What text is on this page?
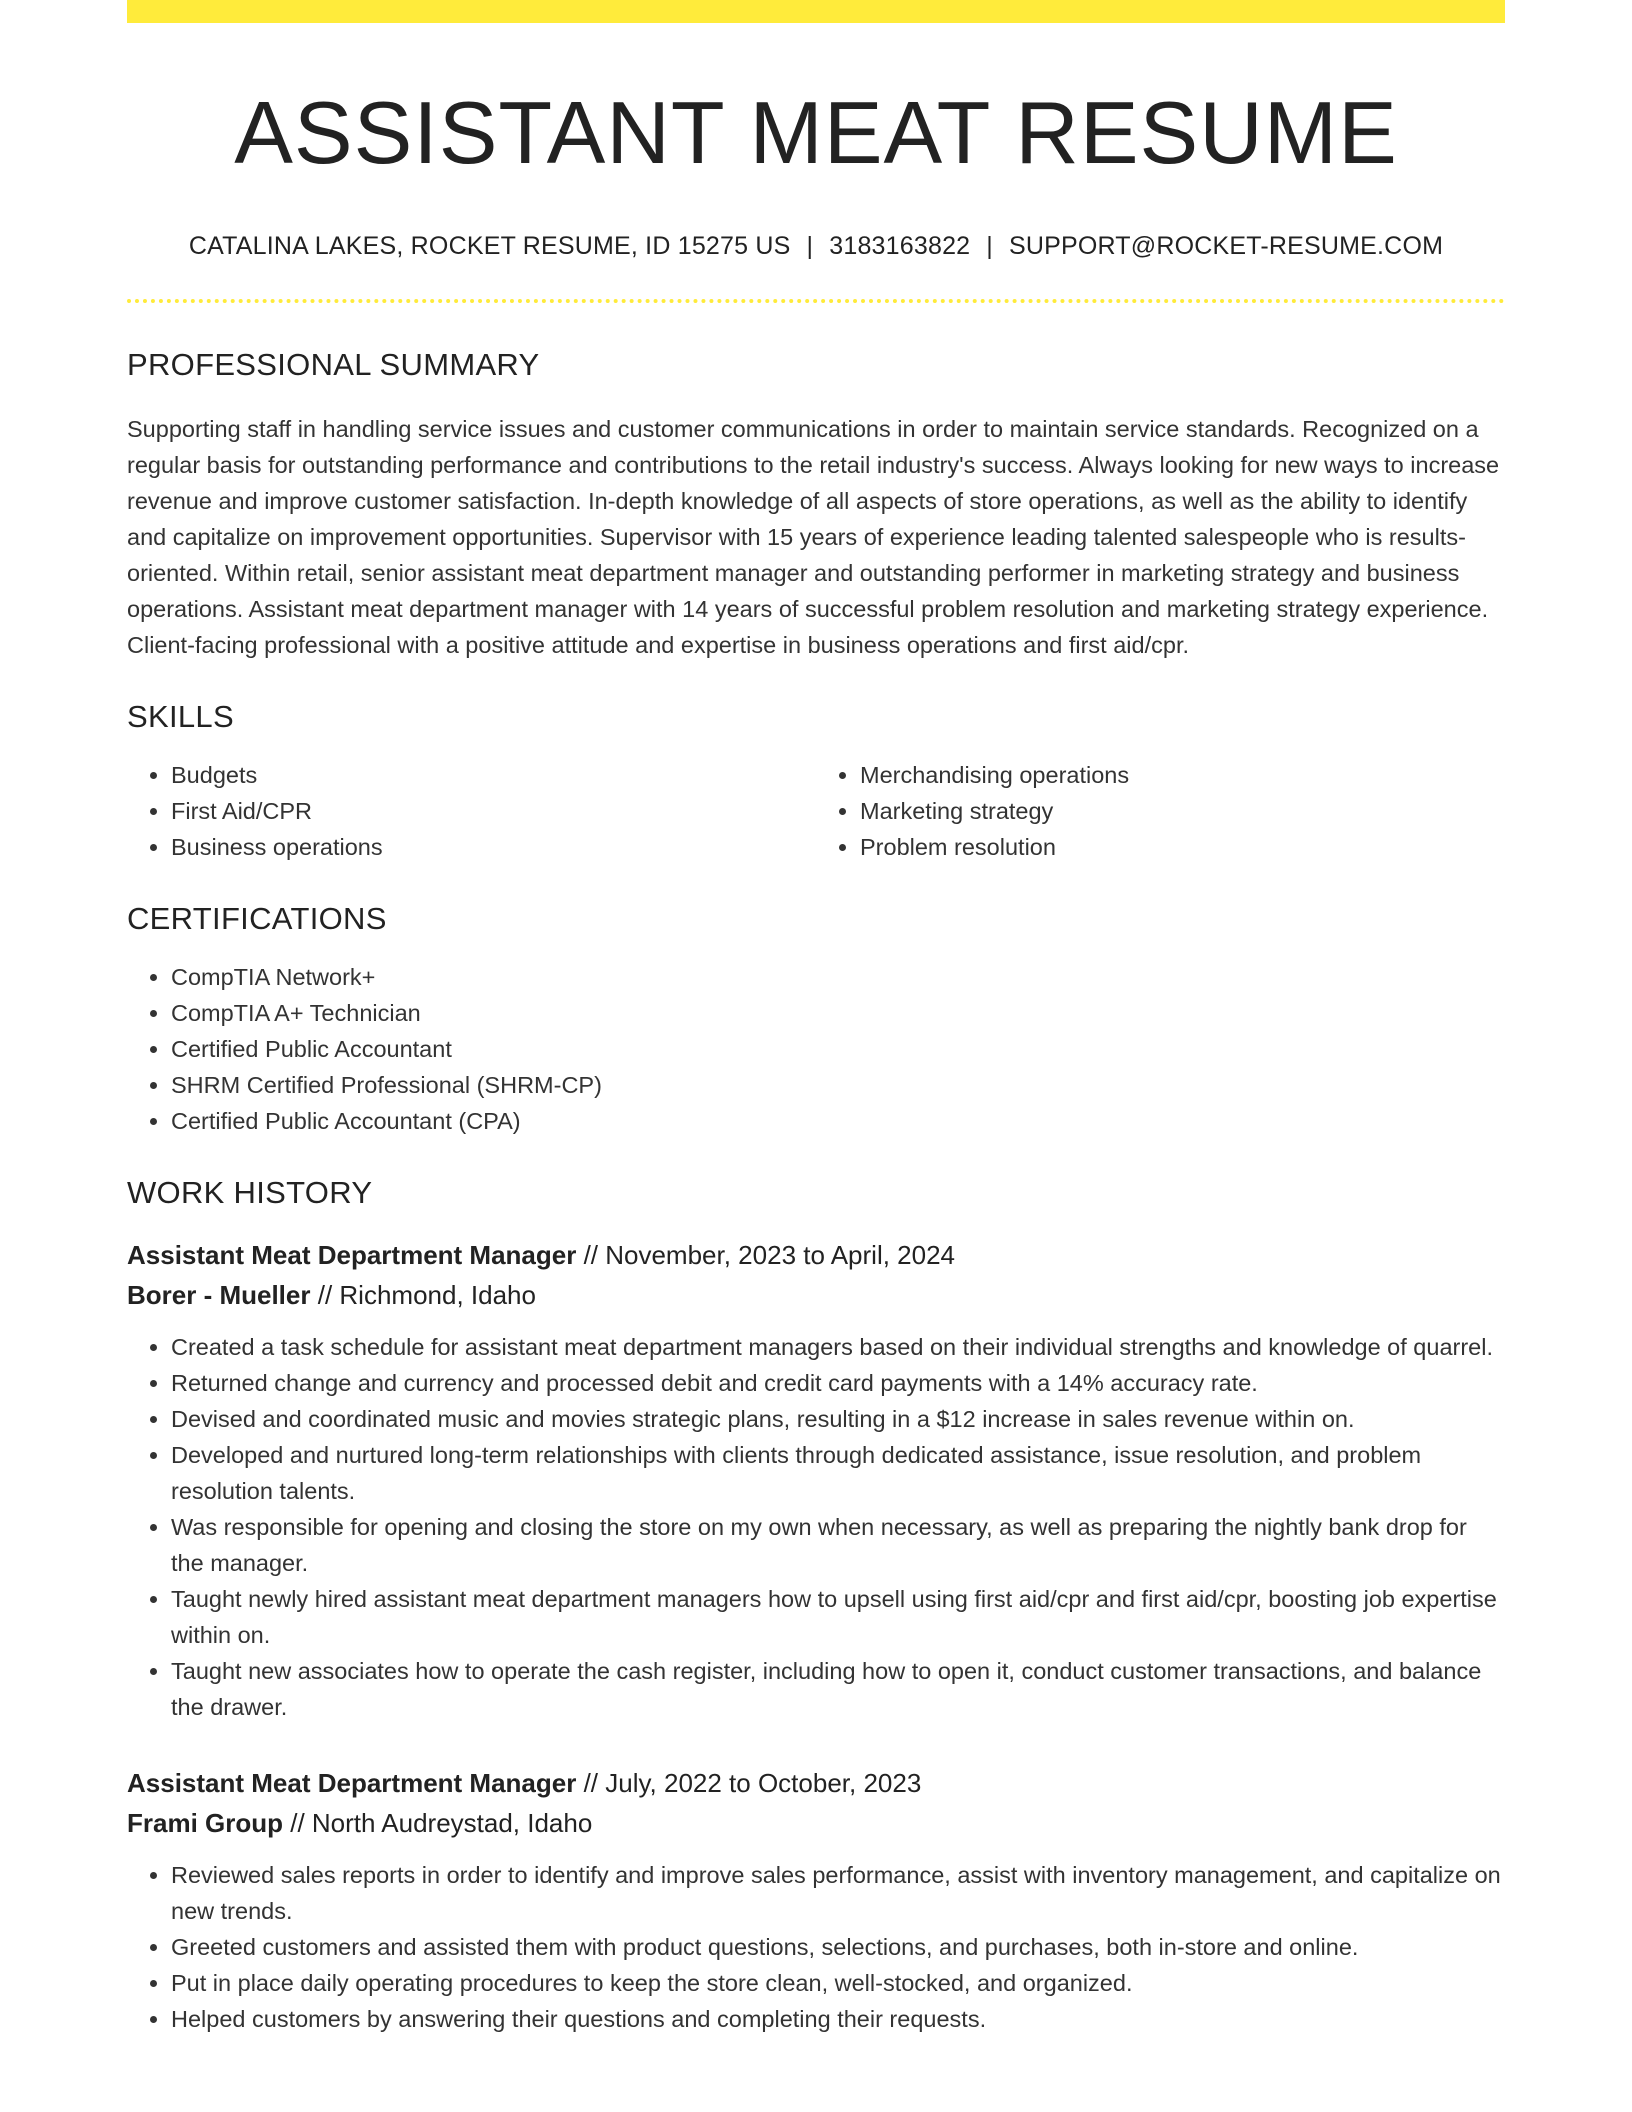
ASSISTANT MEAT RESUME
CATALINA LAKES, ROCKET RESUME, ID 15275 US | 3183163822 | SUPPORT@ROCKET-RESUME.COM
PROFESSIONAL SUMMARY
Supporting staff in handling service issues and customer communications in order to maintain service standards. Recognized on a regular basis for outstanding performance and contributions to the retail industry's success. Always looking for new ways to increase revenue and improve customer satisfaction. In-depth knowledge of all aspects of store operations, as well as the ability to identify and capitalize on improvement opportunities. Supervisor with 15 years of experience leading talented salespeople who is results-oriented. Within retail, senior assistant meat department manager and outstanding performer in marketing strategy and business operations. Assistant meat department manager with 14 years of successful problem resolution and marketing strategy experience. Client-facing professional with a positive attitude and expertise in business operations and first aid/cpr.
SKILLS
• Budgets
• First Aid/CPR
• Business operations
• Merchandising operations
• Marketing strategy
• Problem resolution
CERTIFICATIONS
• CompTIA Network+
• CompTIA A+ Technician
• Certified Public Accountant
• SHRM Certified Professional (SHRM-CP)
• Certified Public Accountant (CPA)
WORK HISTORY
Assistant Meat Department Manager // November, 2023 to April, 2024
Borer - Mueller // Richmond, Idaho
• Created a task schedule for assistant meat department managers based on their individual strengths and knowledge of quarrel.
• Returned change and currency and processed debit and credit card payments with a 14% accuracy rate.
• Devised and coordinated music and movies strategic plans, resulting in a $12 increase in sales revenue within on.
• Developed and nurtured long-term relationships with clients through dedicated assistance, issue resolution, and problem resolution talents.
• Was responsible for opening and closing the store on my own when necessary, as well as preparing the nightly bank drop for the manager.
• Taught newly hired assistant meat department managers how to upsell using first aid/cpr and first aid/cpr, boosting job expertise within on.
• Taught new associates how to operate the cash register, including how to open it, conduct customer transactions, and balance the drawer.
Assistant Meat Department Manager // July, 2022 to October, 2023
Frami Group // North Audreystad, Idaho
• Reviewed sales reports in order to identify and improve sales performance, assist with inventory management, and capitalize on new trends.
• Greeted customers and assisted them with product questions, selections, and purchases, both in-store and online.
• Put in place daily operating procedures to keep the store clean, well-stocked, and organized.
• Helped customers by answering their questions and completing their requests.
